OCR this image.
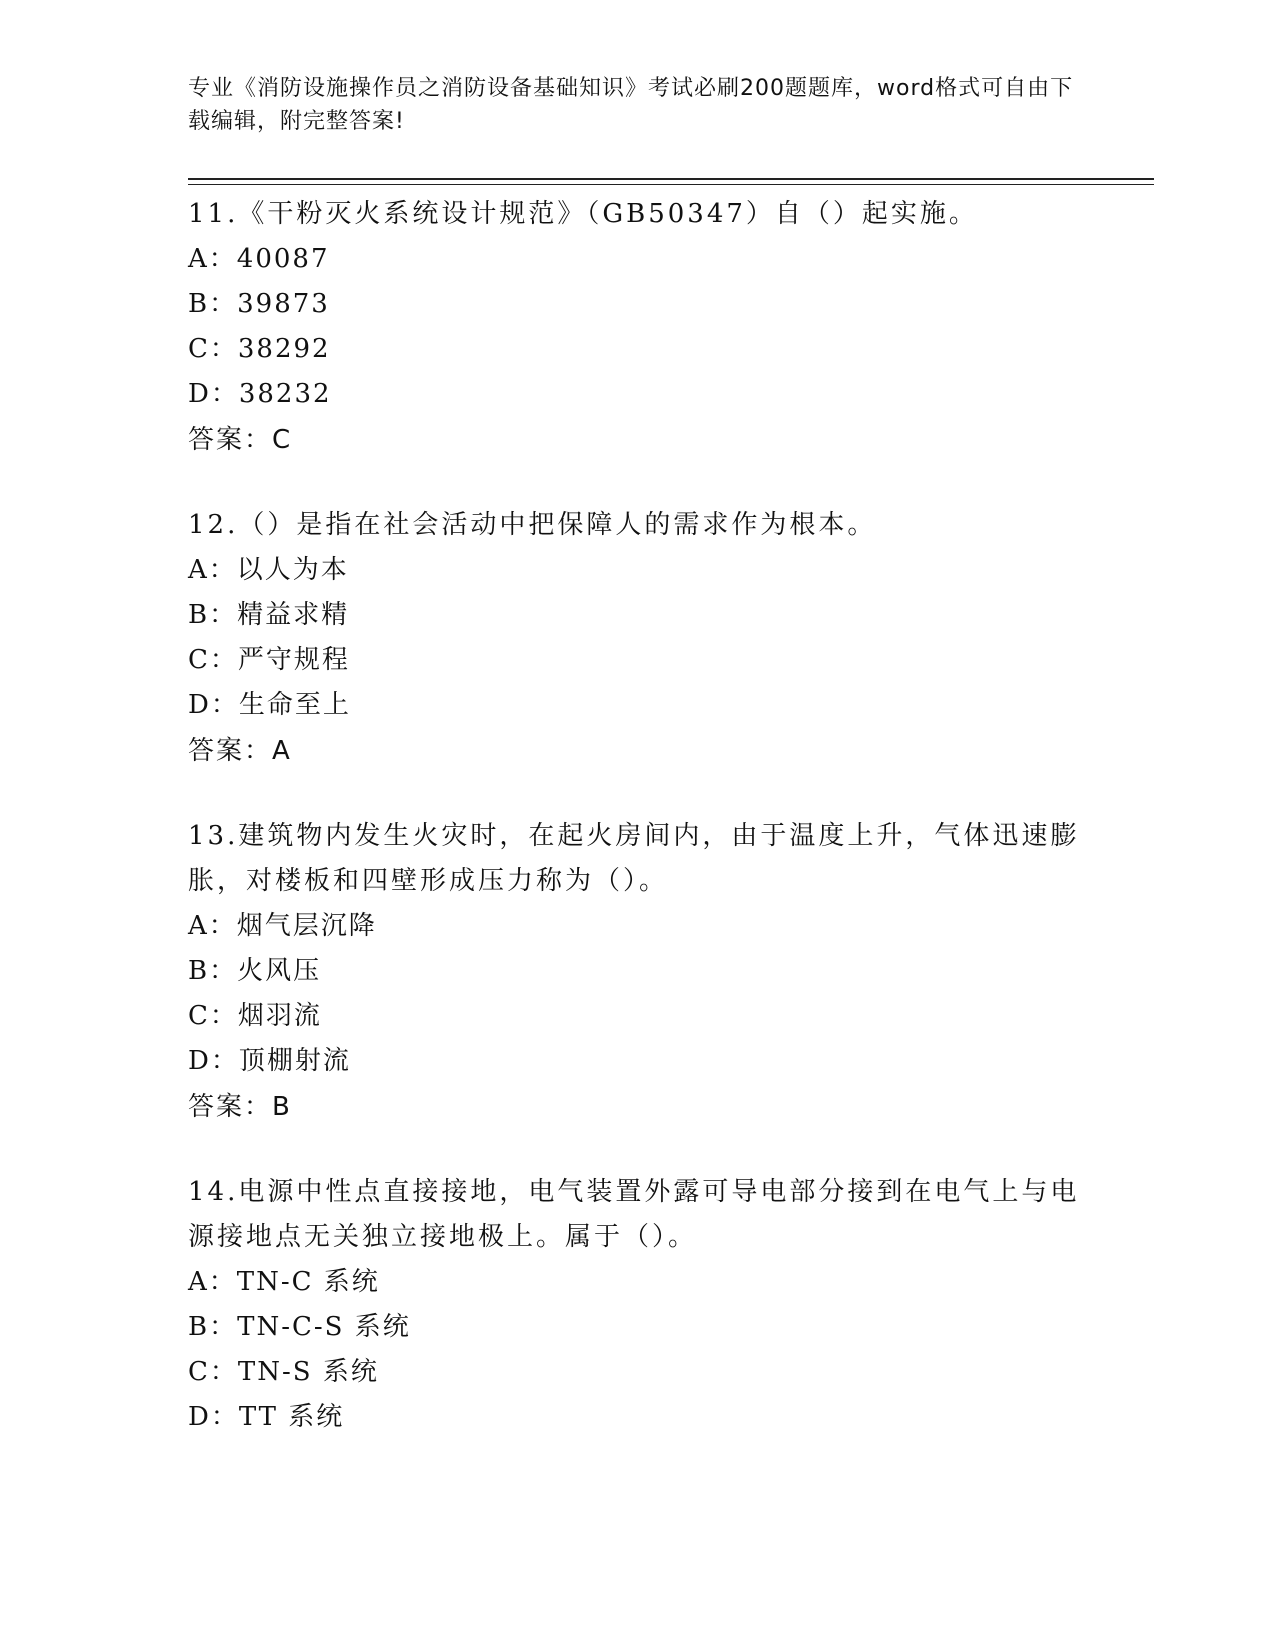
专业《消防设施操作员之消防设备基础知识》考试必刷200题题库，word格式可自由下载编辑，附完整答案!

11.《干粉灭火系统设计规范》（GB50347）自（）起实施。

A：40087

B：39873

C：38292

D：38232

答案：C

12.（）是指在社会活动中把保障人的需求作为根本。

A：以人为本

B：精益求精

C：严守规程

D：生命至上

答案：A

13.建筑物内发生火灾时，在起火房间内，由于温度上升，气体迅速膨胀，对楼板和四壁形成压力称为（）。

A：烟气层沉降

B：火风压

C：烟羽流

D：顶棚射流

答案：B

14.电源中性点直接接地，电气装置外露可导电部分接到在电气上与电源接地点无关独立接地极上。属于（）。

A：TN-C 系统

B：TN-C-S 系统

C：TN-S 系统

D：TT 系统
